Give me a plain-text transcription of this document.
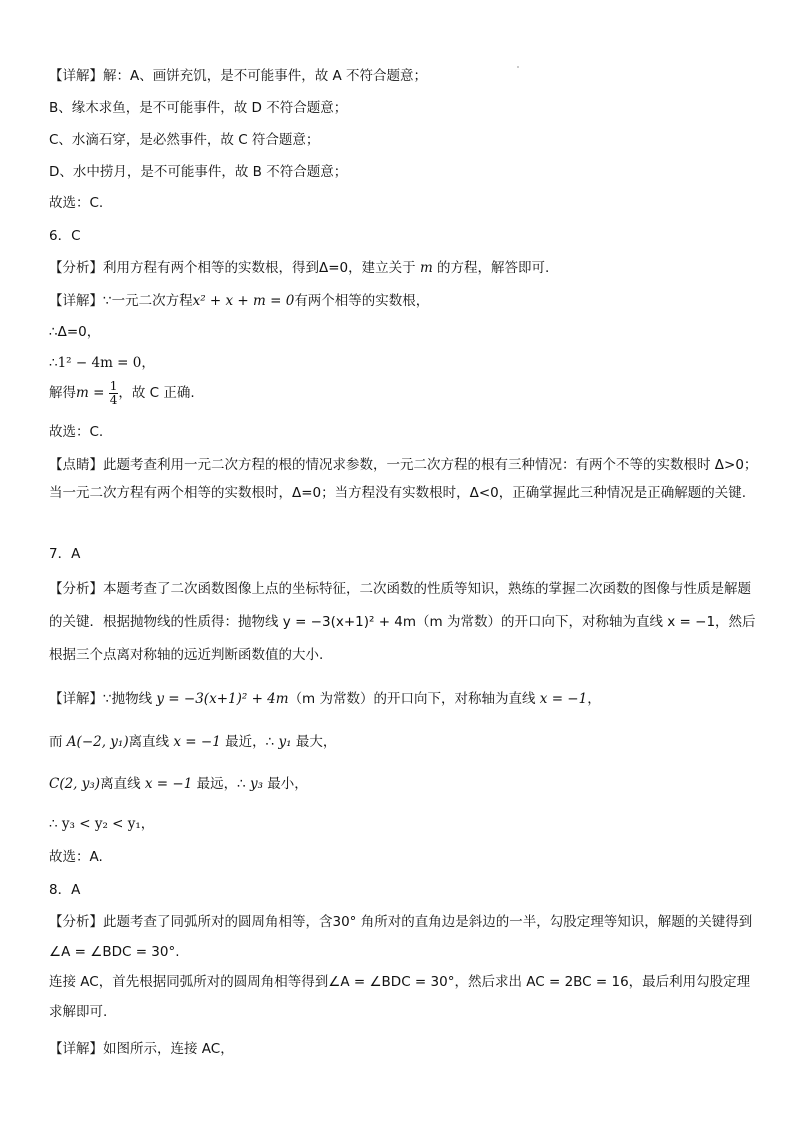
【详解】解：A、画饼充饥，是不可能事件，故 A 不符合题意；
B、缘木求鱼，是不可能事件，故 D 不符合题意；
C、水滴石穿，是必然事件，故 C 符合题意；
D、水中捞月，是不可能事件，故 B 不符合题意；
故选：C.
6．C
【分析】利用方程有两个相等的实数根，得到Δ=0，建立关于 m 的方程，解答即可.
【详解】∵一元二次方程x² + x + m = 0有两个相等的实数根，
∴Δ=0，
∴1² − 4m = 0，
解得$m = \frac{1}{4}$ ，故 C 正确.
故选：C.
【点睛】此题考查利用一元二次方程的根的情况求参数，一元二次方程的根有三种情况：有两个不等的实数根时 Δ>0；当一元二次方程有两个相等的实数根时，Δ=0；当方程没有实数根时，Δ<0，正确掌握此三种情况是正确解题的关键.
7．A
【分析】本题考查了二次函数图像上点的坐标特征，二次函数的性质等知识，熟练的掌握二次函数的图像与性质是解题的关键．根据抛物线的性质得：抛物线 y = −3(x+1)² + 4m（m 为常数）的开口向下，对称轴为直线 x = −1，然后根据三个点离对称轴的远近判断函数值的大小.
【详解】∵抛物线 y = −3(x+1)² + 4m（m 为常数）的开口向下，对称轴为直线 x = −1，
而 A(−2, y₁)离直线 x = −1 最近，∴ y₁ 最大，
C(2, y₃)离直线 x = −1 最远，∴ y₃ 最小，
∴ y₃ < y₂ < y₁，
故选：A.
8．A
【分析】此题考查了同弧所对的圆周角相等，含30° 角所对的直角边是斜边的一半，勾股定理等知识，解题的关键得到∠A = ∠BDC = 30°.
连接 AC，首先根据同弧所对的圆周角相等得到∠A = ∠BDC = 30°，然后求出 AC = 2BC = 16，最后利用勾股定理求解即可.
【详解】如图所示，连接 AC，
